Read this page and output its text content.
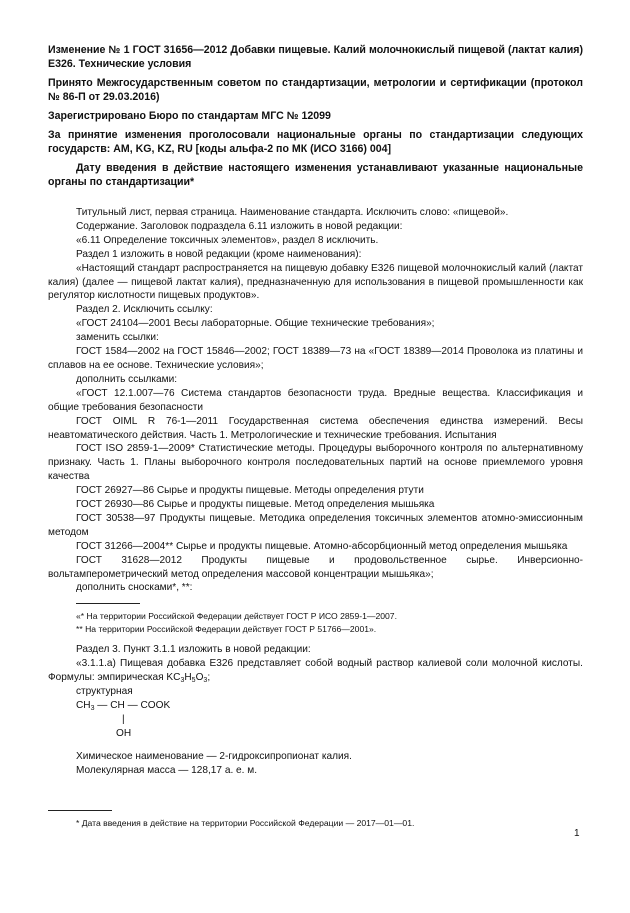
Изменение № 1 ГОСТ 31656—2012 Добавки пищевые. Калий молочнокислый пищевой (лактат калия) E326. Технические условия

Принято Межгосударственным советом по стандартизации, метрологии и сертификации (протокол № 86-П от 29.03.2016)

Зарегистрировано Бюро по стандартам МГС № 12099

За принятие изменения проголосовали национальные органы по стандартизации следующих государств: AM, KG, KZ, RU [коды альфа-2 по МК (ИСО 3166) 004]

Дату введения в действие настоящего изменения устанавливают указанные национальные органы по стандартизации*

Титульный лист, первая страница. Наименование стандарта. Исключить слово: «пищевой».

Содержание. Заголовок подраздела 6.11 изложить в новой редакции:

«6.11 Определение токсичных элементов», раздел 8 исключить.

Раздел 1 изложить в новой редакции (кроме наименования):

«Настоящий стандарт распространяется на пищевую добавку E326 пищевой молочнокислый калий (лактат калия) (далее — пищевой лактат калия), предназначенную для использования в пищевой промышленности как регулятор кислотности пищевых продуктов».

Раздел 2. Исключить ссылку:

«ГОСТ 24104—2001 Весы лабораторные. Общие технические требования»;

заменить ссылки:

ГОСТ 1584—2002 на ГОСТ 15846—2002; ГОСТ 18389—73 на «ГОСТ 18389—2014 Проволока из платины и сплавов на ее основе. Технические условия»;

дополнить ссылками:

«ГОСТ 12.1.007—76 Система стандартов безопасности труда. Вредные вещества. Классификация и общие требования безопасности

ГОСТ OIML R 76-1—2011 Государственная система обеспечения единства измерений. Весы неавтоматического действия. Часть 1. Метрологические и технические требования. Испытания

ГОСТ ISO 2859-1—2009* Статистические методы. Процедуры выборочного контроля по альтернативному признаку. Часть 1. Планы выборочного контроля последовательных партий на основе приемлемого уровня качества

ГОСТ 26927—86 Сырье и продукты пищевые. Методы определения ртути

ГОСТ 26930—86 Сырье и продукты пищевые. Метод определения мышьяка

ГОСТ 30538—97 Продукты пищевые. Методика определения токсичных элементов атомно-эмиссионным методом

ГОСТ 31266—2004** Сырье и продукты пищевые. Атомно-абсорбционный метод определения мышьяка

ГОСТ 31628—2012 Продукты пищевые и продовольственное сырье. Инверсионно-вольтамперометрический метод определения массовой концентрации мышьяка»;

дополнить сносками*, **:

«* На территории Российской Федерации действует ГОСТ Р ИСО 2859-1—2007.

** На территории Российской Федерации действует ГОСТ Р 51766—2001».

Раздел 3. Пункт 3.1.1 изложить в новой редакции:

«3.1.1.а) Пищевая добавка E326 представляет собой водный раствор калиевой соли молочной кислоты. Формулы: эмпирическая $KC_3H_5O_3$;

структурная

$CH_3$ — CH — COOK
|
OH

Химическое наименование — 2-гидроксипропионат калия.

Молекулярная масса — 128,17 а. е. м.

* Дата введения в действие на территории Российской Федерации — 2017—01—01.

1
